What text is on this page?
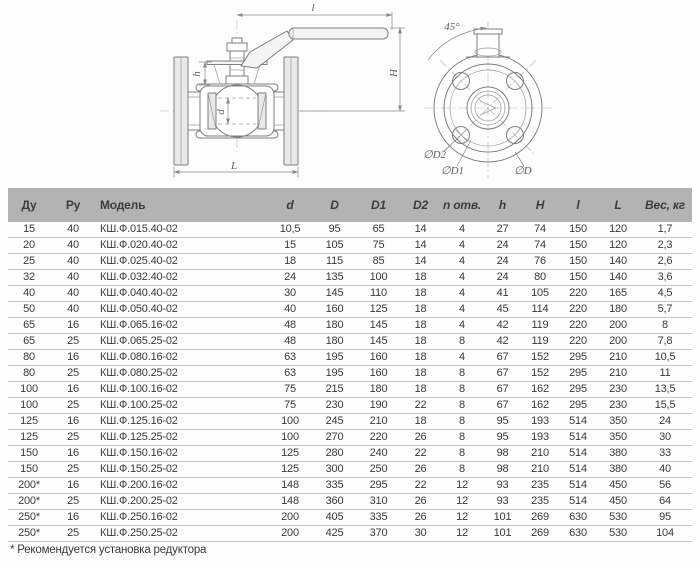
l
H
h
d
L
45°
∅D2
∅D1	∅D
Ду	Ру	Модель	d	D	D1	D2	n отв.	h	H	l	L	Вес, кг
15	40	КШ.Ф.015.40-02	10,5	95	65	14	4	27	74	150	120	1,7
20	40	КШ.Ф.020.40-02	15	105	75	14	4	24	74	150	120	2,3
25	40	КШ.Ф.025.40-02	18	115	85	14	4	24	76	150	140	2,6
32	40	КШ.Ф.032.40-02	24	135	100	18	4	24	80	150	140	3,6
40	40	КШ.Ф.040.40-02	30	145	110	18	4	41	105	220	165	4,5
50	40	КШ.Ф.050.40-02	40	160	125	18	4	45	114	220	180	5,7
65	16	КШ.Ф.065.16-02	48	180	145	18	4	42	119	220	200	8
65	25	КШ.Ф.065.25-02	48	180	145	18	8	42	119	220	200	7,8
80	16	КШ.Ф.080.16-02	63	195	160	18	4	67	152	295	210	10,5
80	25	КШ.Ф.080.25-02	63	195	160	18	8	67	152	295	210	11
100	16	КШ.Ф.100.16-02	75	215	180	18	8	67	162	295	230	13,5
100	25	КШ.Ф.100.25-02	75	230	190	22	8	67	162	295	230	15,5
125	16	КШ.Ф.125.16-02	100	245	210	18	8	95	193	514	350	24
125	25	КШ.Ф.125.25-02	100	270	220	26	8	95	193	514	350	30
150	16	КШ.Ф.150.16-02	125	280	240	22	8	98	210	514	380	33
150	25	КШ.Ф.150.25-02	125	300	250	26	8	98	210	514	380	40
200*	16	КШ.Ф.200.16-02	148	335	295	22	12	93	235	514	450	56
200*	25	КШ.Ф.200.25-02	148	360	310	26	12	93	235	514	450	64
250*	16	КШ.Ф.250.16-02	200	405	335	26	12	101	269	630	530	95
250*	25	КШ.Ф.250.25-02	200	425	370	30	12	101	269	630	530	104
* Рекомендуется установка редуктора
